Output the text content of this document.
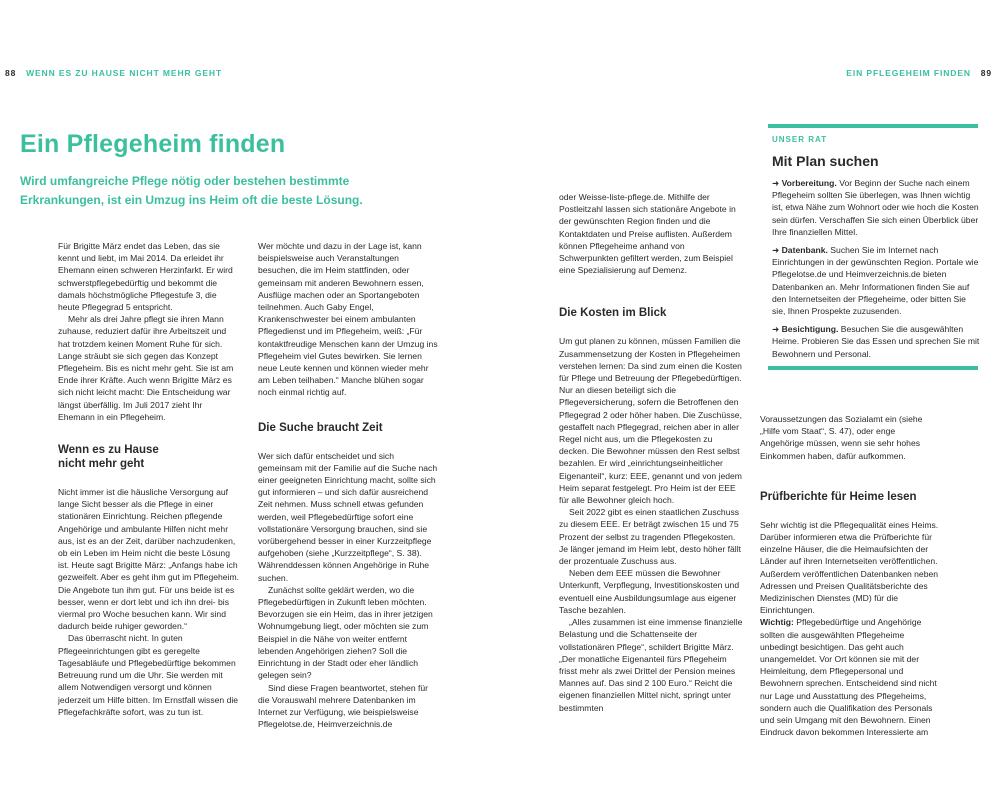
88 WENN ES ZU HAUSE NICHT MEHR GEHT	EIN PFLEGEHEIM FINDEN 89
Ein Pflegeheim finden

Wird umfangreiche Pflege nötig oder bestehen bestimmte Erkrankungen, ist ein Umzug ins Heim oft die beste Lösung.

Für Brigitte März endet das Leben, das sie kennt und liebt, im Mai 2014. Da erleidet ihr Ehemann einen schweren Herzinfarkt. Er wird schwerstpflegebedürftig und bekommt die damals höchstmögliche Pflegestufe 3, die heute Pflegegrad 5 entspricht.

Mehr als drei Jahre pflegt sie ihren Mann zuhause, reduziert dafür ihre Arbeitszeit und hat trotzdem keinen Moment Ruhe für sich. Lange sträubt sie sich gegen das Konzept Pflegeheim. Bis es nicht mehr geht. Sie ist am Ende ihrer Kräfte. Auch wenn Brigitte März es sich nicht leicht macht: Die Entscheidung war längst überfällig. Im Juli 2017 zieht Ihr Ehemann in ein Pflegeheim.

Wenn es zu Hause nicht mehr geht

Nicht immer ist die häusliche Versorgung auf lange Sicht besser als die Pflege in einer stationären Einrichtung. Reichen pflegende Angehörige und ambulante Hilfen nicht mehr aus, ist es an der Zeit, darüber nachzudenken, ob ein Leben im Heim nicht die beste Lösung ist. Heute sagt Brigitte März: „Anfangs habe ich gezweifelt. Aber es geht ihm gut im Pflegeheim. Die Angebote tun ihm gut. Für uns beide ist es besser, wenn er dort lebt und ich ihn drei- bis viermal pro Woche besuchen kann. Wir sind dadurch beide ruhiger geworden.“

Das überrascht nicht. In guten Pflegeeinrichtungen gibt es geregelte Tagesabläufe und Pflegebedürftige bekommen Betreuung rund um die Uhr. Sie werden mit allem Notwendigen versorgt und können jederzeit um Hilfe bitten. Im Ernstfall wissen die Pflegefachkräfte sofort, was zu tun ist.

Wer möchte und dazu in der Lage ist, kann beispielsweise auch Veranstaltungen besuchen, die im Heim stattfinden, oder gemeinsam mit anderen Bewohnern essen, Ausflüge machen oder an Sportangeboten teilnehmen. Auch Gaby Engel, Krankenschwester bei einem ambulanten Pflegedienst und im Pflegeheim, weiß: „Für kontaktfreudige Menschen kann der Umzug ins Pflegeheim viel Gutes bewirken. Sie lernen neue Leute kennen und können wieder mehr am Leben teilhaben.“ Manche blühen sogar noch einmal richtig auf.

Die Suche braucht Zeit

Wer sich dafür entscheidet und sich gemeinsam mit der Familie auf die Suche nach einer geeigneten Einrichtung macht, sollte sich gut informieren – und sich dafür ausreichend Zeit nehmen. Muss schnell etwas gefunden werden, weil Pflegebedürftige sofort eine vollstationäre Versorgung brauchen, sind sie vorübergehend besser in einer Kurzzeitpflege aufgehoben (siehe „Kurzzeitpflege“, S. 38). Währenddessen können Angehörige in Ruhe suchen.

Zunächst sollte geklärt werden, wo die Pflegebedürftigen in Zukunft leben möchten. Bevorzugen sie ein Heim, das in ihrer jetzigen Wohnumgebung liegt, oder möchten sie zum Beispiel in die Nähe von weiter entfernt lebenden Angehörigen ziehen? Soll die Einrichtung in der Stadt oder eher ländlich gelegen sein?

Sind diese Fragen beantwortet, stehen für die Vorauswahl mehrere Datenbanken im Internet zur Verfügung, wie beispielsweise Pflegelotse.de, Heimverzeichnis.de

oder Weisse-liste-pflege.de. Mithilfe der Postleitzahl lassen sich stationäre Angebote in der gewünschten Region finden und die Kontaktdaten und Preise auflisten. Außerdem können Pflegeheime anhand von Schwerpunkten gefiltert werden, zum Beispiel eine Spezialisierung auf Demenz.

Die Kosten im Blick

Um gut planen zu können, müssen Familien die Zusammensetzung der Kosten in Pflegeheimen verstehen lernen: Da sind zum einen die Kosten für Pflege und Betreuung der Pflegebedürftigen. Nur an diesen beteiligt sich die Pflegeversicherung, sofern die Betroffenen den Pflegegrad 2 oder höher haben. Die Zuschüsse, gestaffelt nach Pflegegrad, reichen aber in aller Regel nicht aus, um die Pflegekosten zu decken. Die Bewohner müssen den Rest selbst bezahlen. Er wird „einrichtungseinheitlicher Eigenanteil“, kurz: EEE, genannt und von jedem Heim separat festgelegt. Pro Heim ist der EEE für alle Bewohner gleich hoch.

Seit 2022 gibt es einen staatlichen Zuschuss zu diesem EEE. Er beträgt zwischen 15 und 75 Prozent der selbst zu tragenden Pflegekosten. Je länger jemand im Heim lebt, desto höher fällt der prozentuale Zuschuss aus.

Neben dem EEE müssen die Bewohner Unterkunft, Verpflegung, Investitionskosten und eventuell eine Ausbildungsumlage aus eigener Tasche bezahlen.

„Alles zusammen ist eine immense finanzielle Belastung und die Schattenseite der vollstationären Pflege“, schildert Brigitte März. „Der monatliche Eigenanteil fürs Pflegeheim frisst mehr als zwei Drittel der Pension meines Mannes auf. Das sind 2 100 Euro.“ Reicht die eigenen finanziellen Mittel nicht, springt unter bestimmten

Voraussetzungen das Sozialamt ein (siehe „Hilfe vom Staat“, S. 47), oder enge Angehörige müssen, wenn sie sehr hohes Einkommen haben, dafür aufkommen.

Prüfberichte für Heime lesen

Sehr wichtig ist die Pflegequalität eines Heims. Darüber informieren etwa die Prüfberichte für einzelne Häuser, die die Heimaufsichten der Länder auf ihren Internetseiten veröffentlichen. Außerdem veröffentlichen Datenbanken neben Adressen und Preisen Qualitätsberichte des Medizinischen Dienstes (MD) für die Einrichtungen.

Wichtig: Pflegebedürftige und Angehörige sollten die ausgewählten Pflegeheime unbedingt besichtigen. Das geht auch unangemeldet. Vor Ort können sie mit der Heimleitung, dem Pflegepersonal und Bewohnern sprechen. Entscheidend sind nicht nur Lage und Ausstattung des Pflegeheims, sondern auch die Qualifikation des Personals und sein Umgang mit den Bewohnern. Einen Eindruck davon bekommen Interessierte am

UNSER RAT
Mit Plan suchen

➜ Vorbereitung. Vor Beginn der Suche nach einem Pflegeheim sollten Sie überlegen, was Ihnen wichtig ist, etwa Nähe zum Wohnort oder wie hoch die Kosten sein dürfen. Verschaffen Sie sich einen Überblick über Ihre finanziellen Mittel.

➜ Datenbank. Suchen Sie im Internet nach Einrichtungen in der gewünschten Region. Portale wie Pflegelotse.de und Heimverzeichnis.de bieten Datenbanken an. Mehr Informationen finden Sie auf den Internetseiten der Pflegeheime, oder bitten Sie sie, Ihnen Prospekte zuzusenden.

➜ Besichtigung. Besuchen Sie die ausgewählten Heime. Probieren Sie das Essen und sprechen Sie mit Bewohnern und Personal.
